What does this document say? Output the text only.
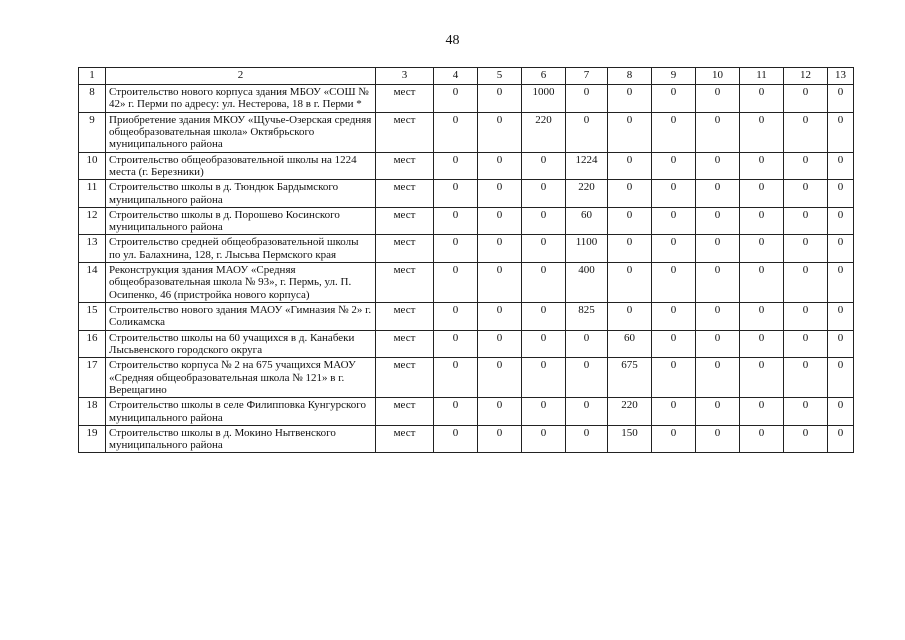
48
1	2	3	4	5	6	7	8	9	10	11	12	13
8	Строительство нового корпуса здания МБОУ «СОШ № 42» г. Перми по адресу: ул. Нестерова, 18 в г. Перми *	мест	0	0	1000	0	0	0	0	0	0	0
9	Приобретение здания МКОУ «Щучье-Озерская средняя общеобразовательная школа» Октябрьского муниципального района	мест	0	0	220	0	0	0	0	0	0	0
10	Строительство общеобразовательной школы на 1224 места (г. Березники)	мест	0	0	0	1224	0	0	0	0	0	0
11	Строительство школы в д. Тюндюк Бардымского муниципального района	мест	0	0	0	220	0	0	0	0	0	0
12	Строительство школы в д. Порошево Косинского муниципального района	мест	0	0	0	60	0	0	0	0	0	0
13	Строительство средней общеобразовательной школы по ул. Балахнина, 128, г. Лысьва Пермского края	мест	0	0	0	1100	0	0	0	0	0	0
14	Реконструкция здания МАОУ «Средняя общеобразовательная школа № 93», г. Пермь, ул. П. Осипенко, 46 (пристройка нового корпуса)	мест	0	0	0	400	0	0	0	0	0	0
15	Строительство нового здания МАОУ «Гимназия № 2» г. Соликамска	мест	0	0	0	825	0	0	0	0	0	0
16	Строительство школы на 60 учащихся в д. Канабеки Лысьвенского городского округа	мест	0	0	0	0	60	0	0	0	0	0
17	Строительство корпуса № 2 на 675 учащихся МАОУ «Средняя общеобразовательная школа № 121» в г. Верещагино	мест	0	0	0	0	675	0	0	0	0	0
18	Строительство школы в селе Филипповка Кунгурского муниципального района	мест	0	0	0	0	220	0	0	0	0	0
19	Строительство школы в д. Мокино Нытвенского муниципального района	мест	0	0	0	0	150	0	0	0	0	0
